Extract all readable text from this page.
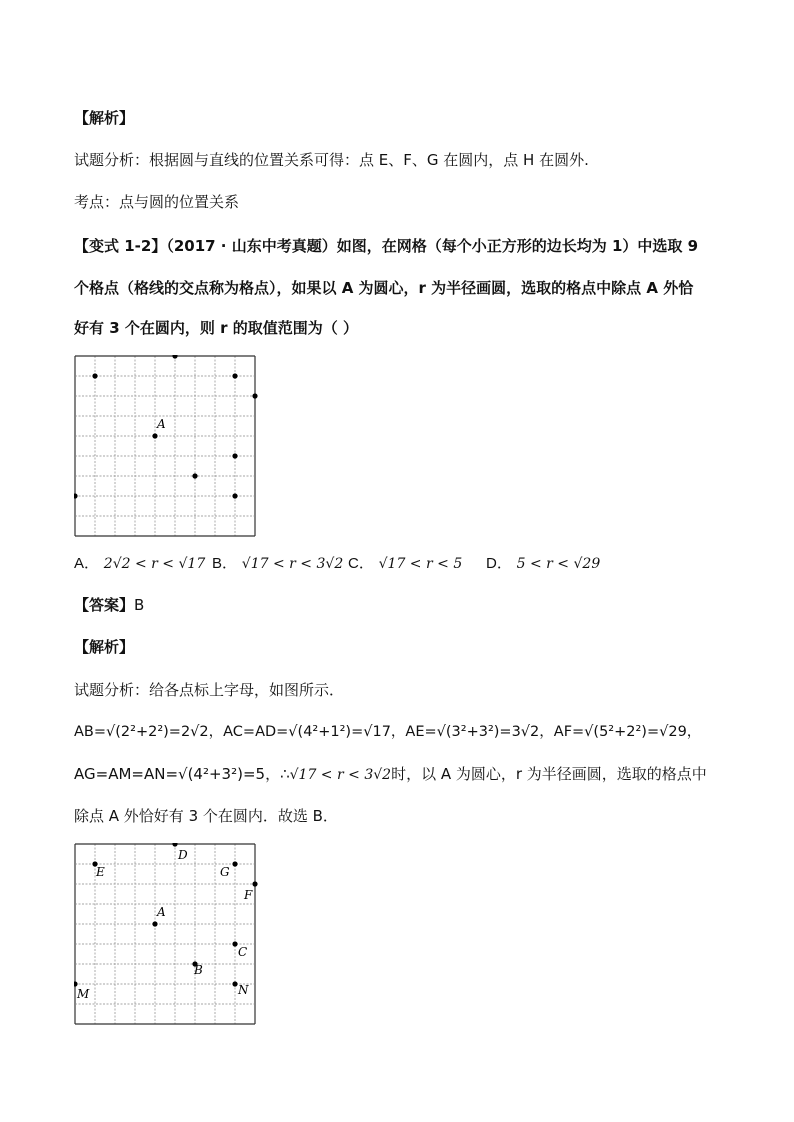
【解析】
试题分析：根据圆与直线的位置关系可得：点 E、F、G 在圆内，点 H 在圆外.
考点：点与圆的位置关系
【变式 1-2】（2017 · 山东中考真题）如图，在网格（每个小正方形的边长均为 1）中选取 9
个格点（格线的交点称为格点），如果以 A 为圆心，r 为半径画圆，选取的格点中除点 A 外恰
好有 3 个在圆内，则 r 的取值范围为（ ）
A
A． 2√2 < r < √17 B． √17 < r < 3√2 C． √17 < r < 5 D． 5 < r < √29
【答案】B
【解析】
试题分析：给各点标上字母，如图所示．
AB=√(2²+2²)=2√2，AC=AD=√(4²+1²)=√17，AE=√(3²+3²)=3√2，AF=√(5²+2²)=√29，
AG=AM=AN=√(4²+3²)=5，∴√17 < r < 3√2时，以 A 为圆心，r 为半径画圆，选取的格点中
除点 A 外恰好有 3 个在圆内．故选 B．
D
E	G
F
A
C
B
M	N
